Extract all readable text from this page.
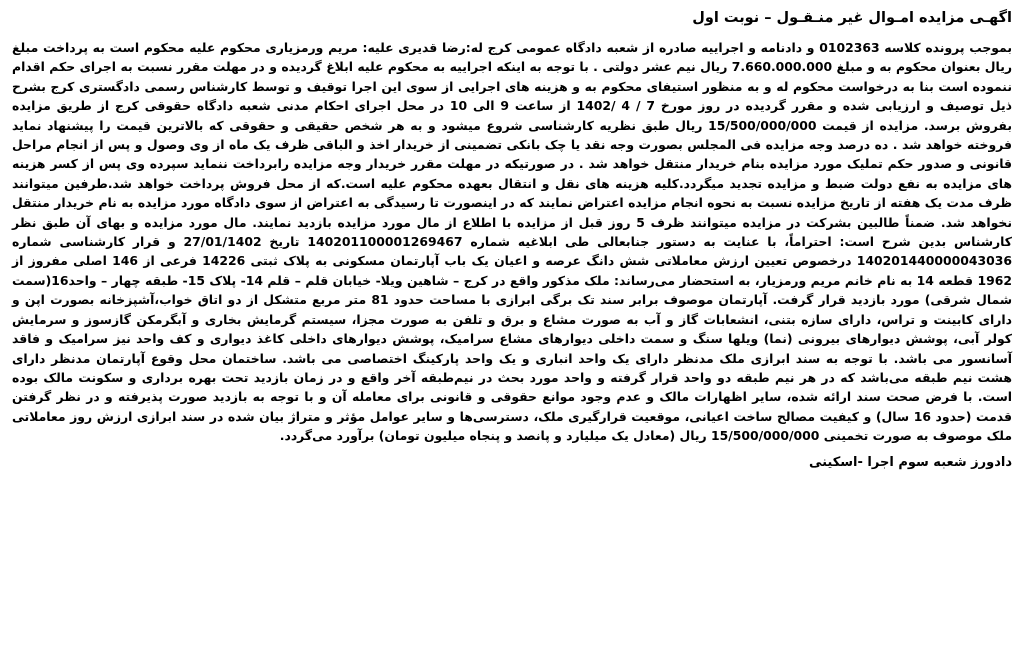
اگهـی مزایده امـوال غیر منـقـول – نوبت اول

بموجب پرونده کلاسه 0102363 و دادنامه و اجراییه صادره از شعبه دادگاه عمومی کرج له:رضا قدیری علیه: مریم ورمزیاری محکوم علیه محکوم است به پرداخت مبلغ ریال بعنوان محکوم به و مبلغ 7.660.000.000 ریال نیم عشر دولتی . با توجه به اینکه اجراییه به محکوم علیه ابلاغ گردیده و در مهلت مقرر نسبت به اجرای حکم اقدام ننموده است بنا به درخواست محکوم له و به منظور استیفای محکوم به و هزینه های اجرایی از سوی این اجرا توقیف و توسط کارشناس رسمی دادگستری کرج بشرح ذیل توصیف و ارزیابی شده و مقرر گردیده در روز مورخ 7 / 4 /1402 از ساعت 9 الی 10 در محل اجرای احکام مدنی شعبه دادگاه حقوقی کرج از طریق مزایده بفروش برسد. مزایده از قیمت 15/500/000/000 ریال طبق نظریه کارشناسی شروع میشود و به هر شخص حقیقی و حقوقی که بالاترین قیمت را پیشنهاد نماید فروخته خواهد شد . ده درصد وجه مزایده فی المجلس بصورت وجه نقد یا چک بانکی تضمینی از خریدار اخذ و الباقی ظرف یک ماه از وی وصول و پس از انجام مراحل قانونی و صدور حکم تملیک مورد مزایده بنام خریدار منتقل خواهد شد . در صورتیکه در مهلت مقرر خریدار وجه مزایده رابرداخت ننماید سپرده وی پس از کسر هزینه های مزایده به نفع دولت ضبط و مزایده تجدید میگردد.کلیه هزینه های نقل و انتقال بعهده محکوم علیه است.که از محل فروش پرداخت خواهد شد.طرفین میتوانند ظرف مدت یک هفته از تاریخ مزایده نسبت به نحوه انجام مزایده اعتراض نمایند که در اینصورت تا رسیدگی به اعتراض از سوی دادگاه مورد مزایده به نام خریدار منتقل نخواهد شد. ضمناً طالبین بشرکت در مزایده میتوانند ظرف 5 روز قبل از مزایده با اطلاع از مال مورد مزایده بازدید نمایند. مال مورد مزایده و بهای آن طبق نظر کارشناس بدین شرح است: احتراماً، با عنایت به دستور جنابعالی طی ابلاغیه شماره 140201100001269467 تاریخ 27/01/1402 و قرار کارشناسی شماره 140201440000043036 درخصوص تعیین ارزش معاملاتی شش دانگ عرصه و اعیان یک باب آپارتمان مسکونی به پلاک ثبتی 14226 فرعی از 146 اصلی مفروز از 1962 قطعه 14 به نام خانم مریم ورمزیار، به استحضار می‌رساند: ملک مذکور واقع در کرج – شاهین ویلا- خیابان قلم – قلم 14- پلاک 15- طبقه چهار – واحد16(سمت شمال شرقی) مورد بازدید قرار گرفت. آپارتمان موصوف برابر سند تک برگی ابرازی با مساحت حدود 81 متر مربع متشکل از دو اتاق خواب،آشپزخانه بصورت اپن و دارای کابینت و تراس، دارای سازه بتنی، انشعابات گاز و آب به صورت مشاع و برق و تلفن به صورت مجزا، سیستم گرمایش بخاری و آبگرمکن گازسوز و سرمایش کولر آبی، پوشش دیوارهای بیرونی (نما) ویلها سنگ و سمت داخلی دیوارهای مشاع سرامیک، پوشش دیوارهای داخلی کاغذ دیواری و کف واحد نیز سرامیک و فاقد آسانسور می باشد. با توجه به سند ابرازی ملک مدنظر دارای یک واحد انباری و یک واحد پارکینگ اختصاصی می باشد. ساختمان محل وقوع آپارتمان مدنظر دارای هشت نیم طبقه می‌باشد که در هر نیم طبقه دو واحد قرار گرفته و واحد مورد بحث در نیم‌طبقه آخر واقع و در زمان بازدید تحت بهره برداری و سکونت مالک بوده است. با فرض صحت سند ارائه شده، سایر اظهارات مالک و عدم وجود موانع حقوقی و قانونی برای معامله آن و با توجه به بازدید صورت پذیرفته و در نظر گرفتن قدمت (حدود 16 سال) و کیفیت مصالح ساخت اعیانی، موقعیت قرارگیری ملک، دسترسی‌ها و سایر عوامل مؤثر و متراژ بیان شده در سند ابرازی ارزش روز معاملاتی ملک موصوف به صورت تخمینی 15/500/000/000 ریال (معادل یک میلیارد و پانصد و پنجاه میلیون تومان) برآورد می‌گردد.

دادورز شعبه سوم اجرا -اسکینی
